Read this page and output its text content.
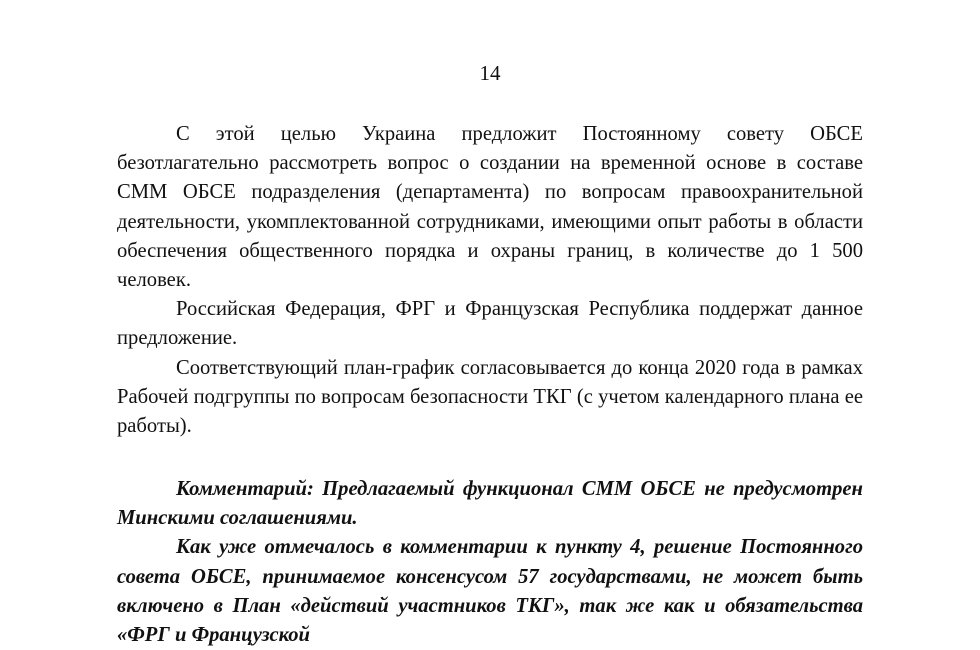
14

С этой целью Украина предложит Постоянному совету ОБСЕ безотлагательно рассмотреть вопрос о создании на временной основе в составе СММ ОБСЕ подразделения (департамента) по вопросам правоохранительной деятельности, укомплектованной сотрудниками, имеющими опыт работы в области обеспечения общественного порядка и охраны границ, в количестве до 1 500 человек.

Российская Федерация, ФРГ и Французская Республика поддержат данное предложение.

Соответствующий план-график согласовывается до конца 2020 года в рамках Рабочей подгруппы по вопросам безопасности ТКГ (с учетом календарного плана ее работы).

Комментарий: Предлагаемый функционал СММ ОБСЕ не предусмотрен Минскими соглашениями.

Как уже отмечалось в комментарии к пункту 4, решение Постоянного совета ОБСЕ, принимаемое консенсусом 57 государствами, не может быть включено в План «действий участников ТКГ», так же как и обязательства «ФРГ и Французской
